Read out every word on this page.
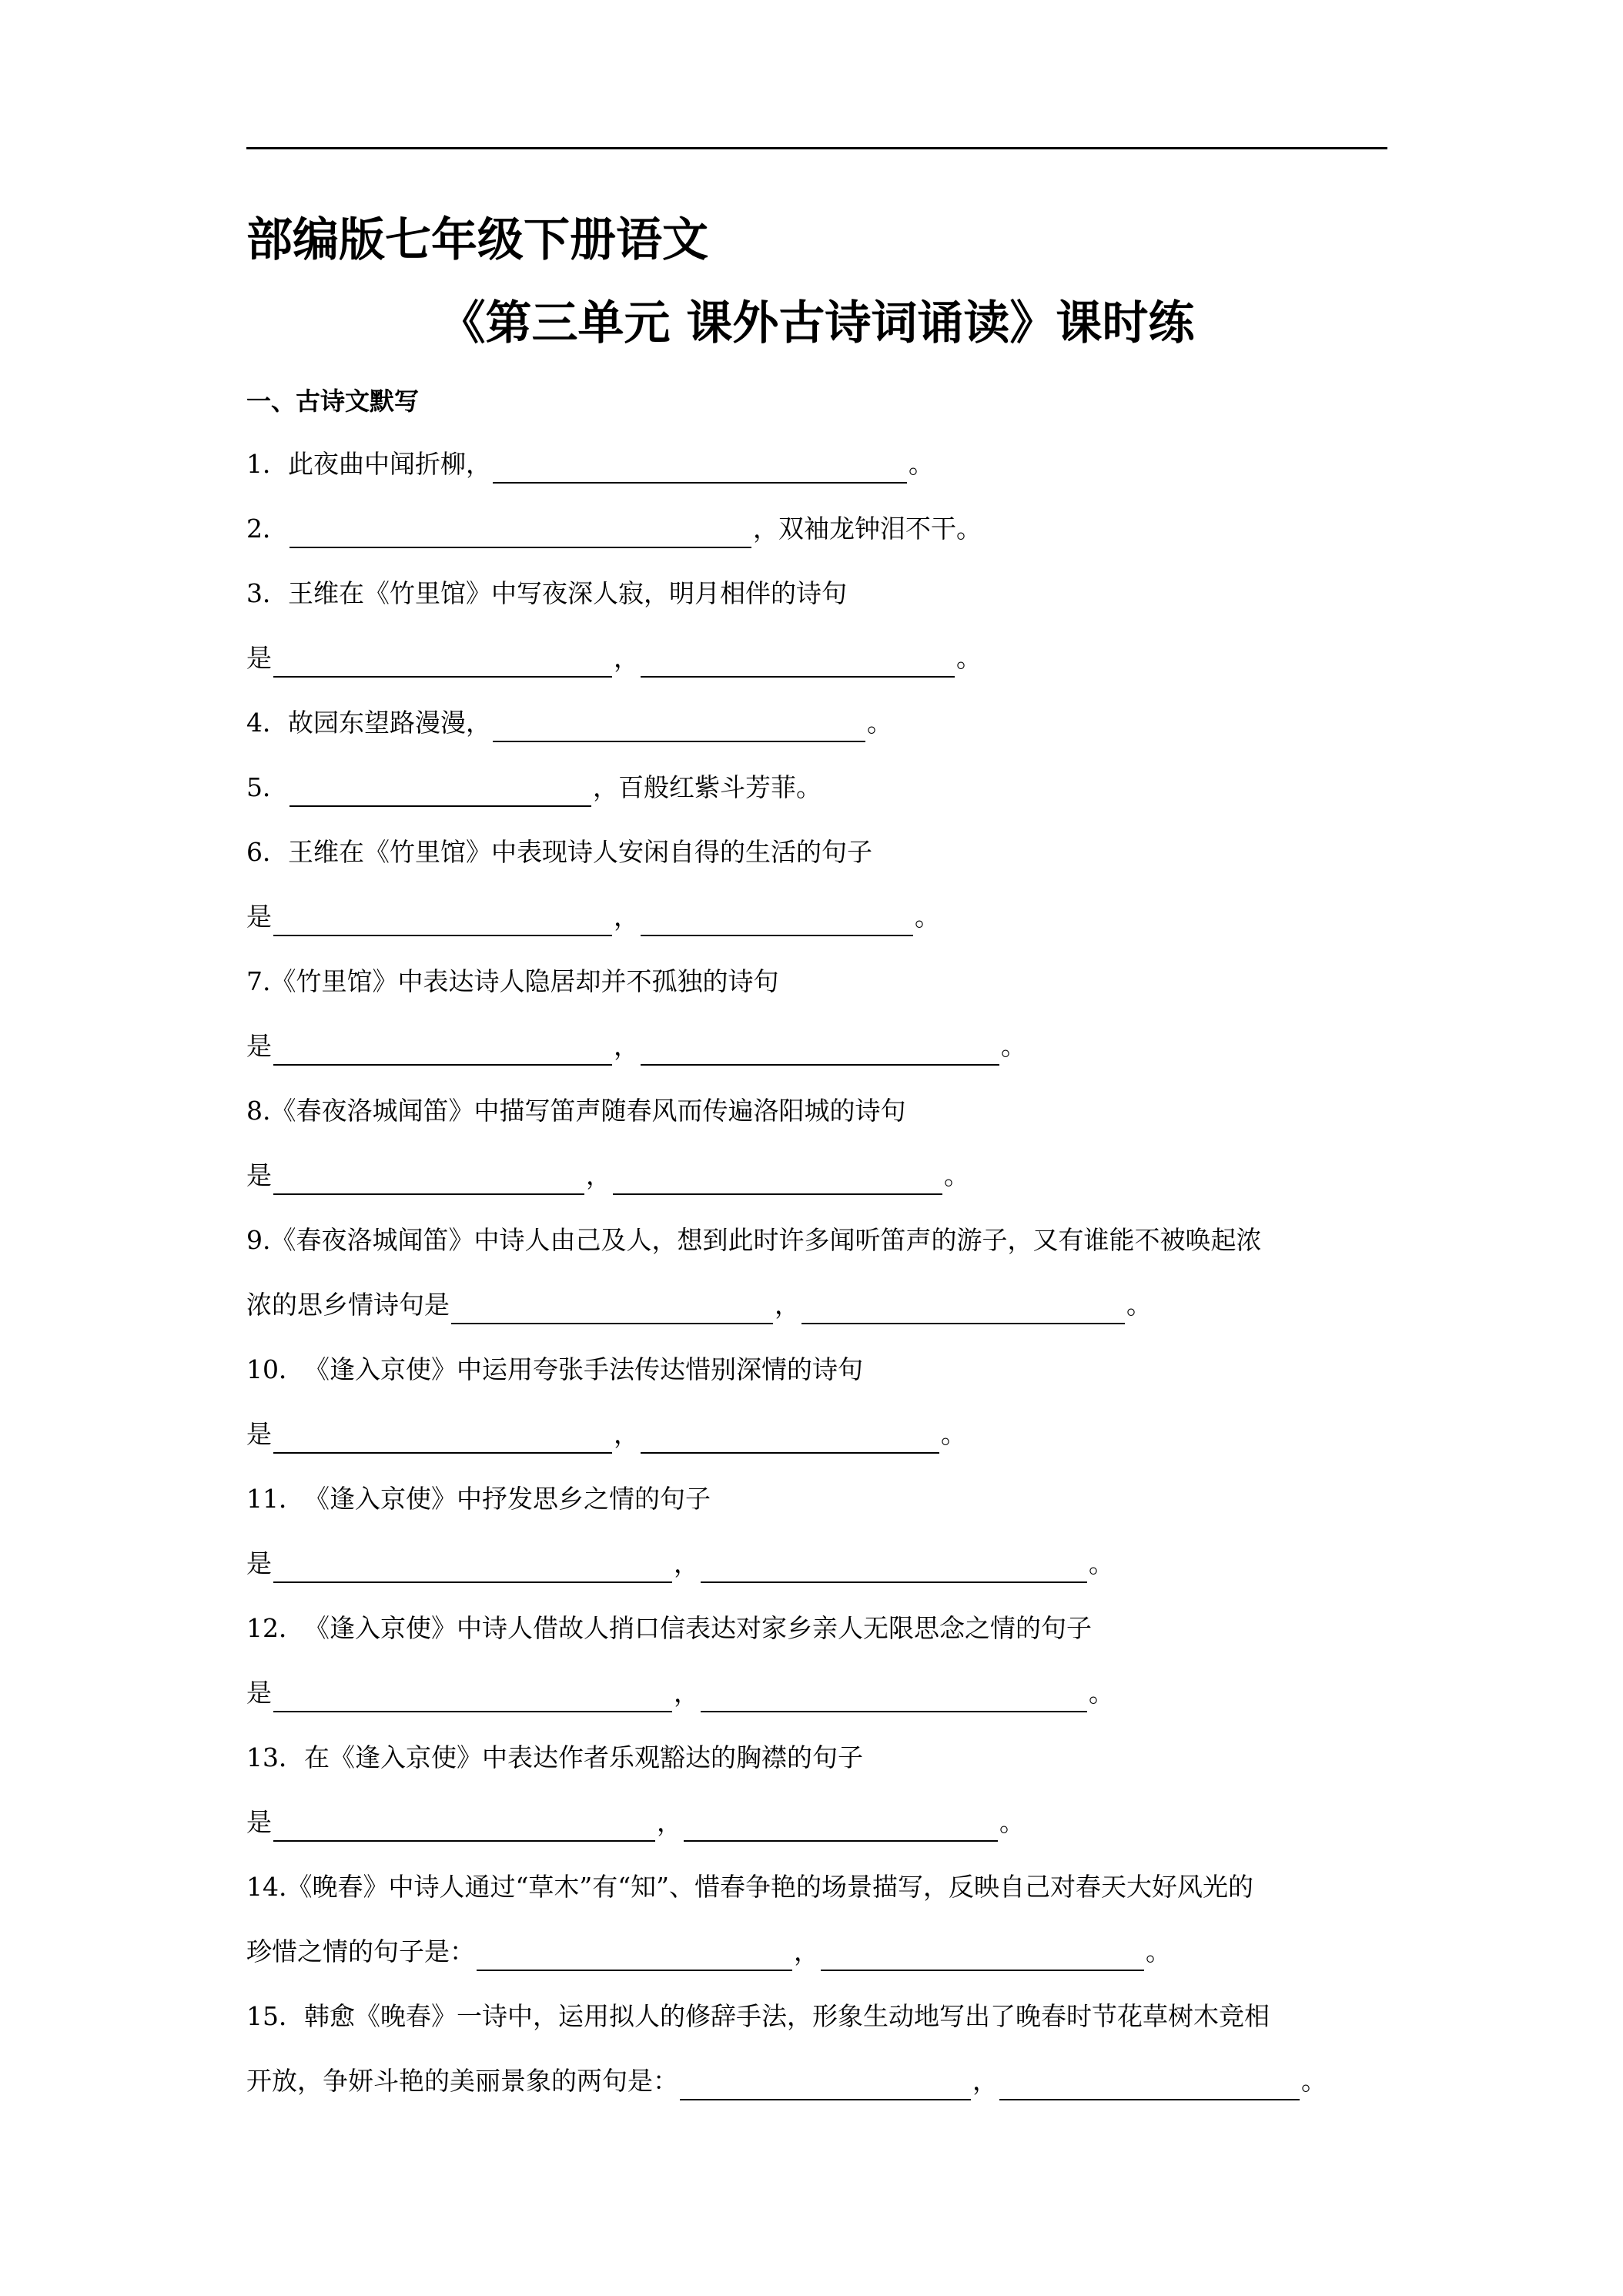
部编版七年级下册语文
《第三单元 课外古诗词诵读》课时练
一、古诗文默写
1． 此夜曲中闻折柳，	。
2．	，双袖龙钟泪不干。
3． 王维在《竹里馆》中写夜深人寂，明月相伴的诗句
是	，	。
4． 故园东望路漫漫，	。
5．	，百般红紫斗芳菲。
6． 王维在《竹里馆》中表现诗人安闲自得的生活的句子
是	，	。
7. 《竹里馆》中表达诗人隐居却并不孤独的诗句
是	，	。
8. 《春夜洛城闻笛》中描写笛声随春风而传遍洛阳城的诗句
是	，	。
9. 《春夜洛城闻笛》中诗人由己及人，想到此时许多闻听笛声的游子，又有谁能不被唤起浓
浓的思乡情诗句是	，	。
10． 《逢入京使》中运用夸张手法传达惜别深情的诗句
是	，	。
11． 《逢入京使》中抒发思乡之情的句子
是	，	。
12． 《逢入京使》中诗人借故人捎口信表达对家乡亲人无限思念之情的句子
是	，	。
13． 在《逢入京使》中表达作者乐观豁达的胸襟的句子
是	，	。
14. 《晚春》中诗人通过“草木”有“知”、惜春争艳的场景描写，反映自己对春天大好风光的
珍惜之情的句子是：	，	。
15． 韩愈《晚春》一诗中，运用拟人的修辞手法，形象生动地写出了晚春时节花草树木竞相
开放，争妍斗艳的美丽景象的两句是：	，	。
